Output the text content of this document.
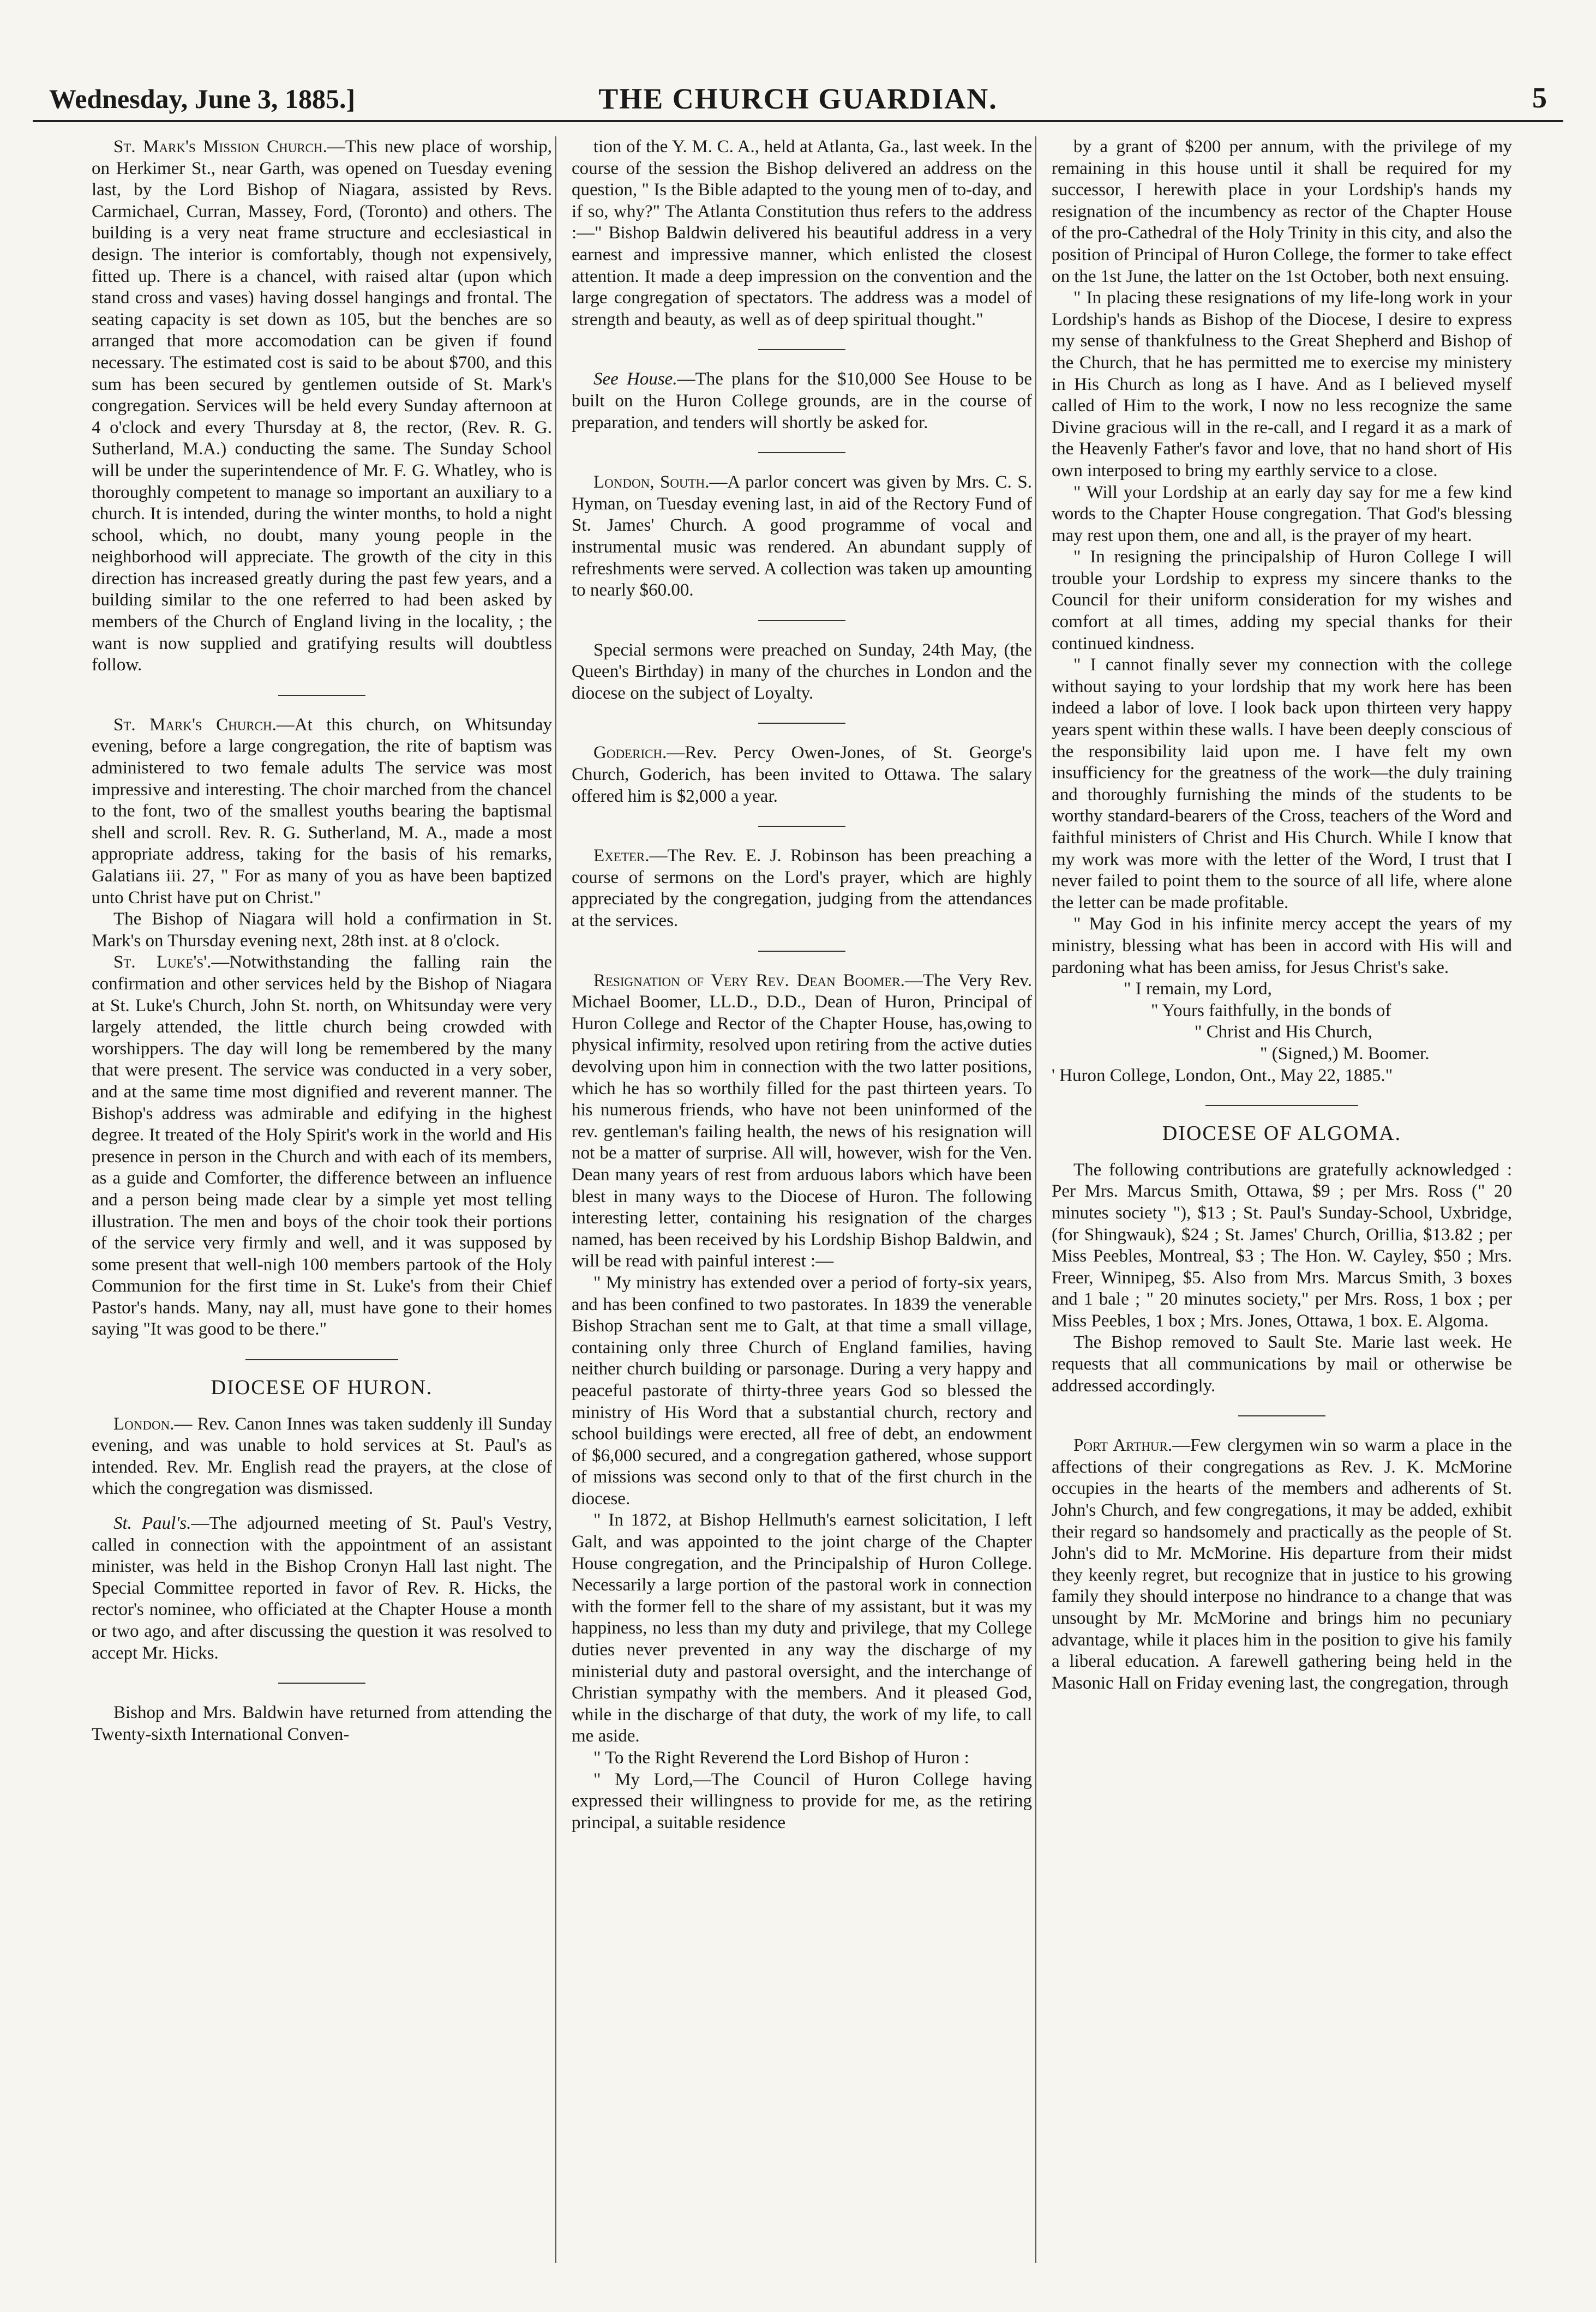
Wednesday, June 3, 1885.]	THE CHURCH GUARDIAN.	5

St. Mark's Mission Church.—This new place of worship, on Herkimer St., near Garth, was opened on Tuesday evening last, by the Lord Bishop of Niagara, assisted by Revs. Carmichael, Curran, Massey, Ford, (Toronto) and others. The building is a very neat frame structure and ecclesiastical in design. The interior is comfortably, though not expensively, fitted up. There is a chancel, with raised altar (upon which stand cross and vases) having dossel hangings and frontal. The seating capacity is set down as 105, but the benches are so arranged that more accomodation can be given if found necessary. The estimated cost is said to be about $700, and this sum has been secured by gentlemen outside of St. Mark's congregation. Services will be held every Sunday afternoon at 4 o'clock and every Thursday at 8, the rector, (Rev. R. G. Sutherland, M.A.) conducting the same. The Sunday School will be under the superintendence of Mr. F. G. Whatley, who is thoroughly competent to manage so important an auxiliary to a church. It is intended, during the winter months, to hold a night school, which, no doubt, many young people in the neighborhood will appreciate. The growth of the city in this direction has increased greatly during the past few years, and a building similar to the one referred to had been asked by members of the Church of England living in the locality, ; the want is now supplied and gratifying results will doubtless follow.

St. Mark's Church.—At this church, on Whitsunday evening, before a large congregation, the rite of baptism was administered to two female adults The service was most impressive and interesting. The choir marched from the chancel to the font, two of the smallest youths bearing the baptismal shell and scroll. Rev. R. G. Sutherland, M. A., made a most appropriate address, taking for the basis of his remarks, Galatians iii. 27, " For as many of you as have been baptized unto Christ have put on Christ."

The Bishop of Niagara will hold a confirmation in St. Mark's on Thursday evening next, 28th inst. at 8 o'clock.

St. Luke's'.—Notwithstanding the falling rain the confirmation and other services held by the Bishop of Niagara at St. Luke's Church, John St. north, on Whitsunday were very largely attended, the little church being crowded with worshippers. The day will long be remembered by the many that were present. The service was conducted in a very sober, and at the same time most dignified and reverent manner. The Bishop's address was admirable and edifying in the highest degree. It treated of the Holy Spirit's work in the world and His presence in person in the Church and with each of its members, as a guide and Comforter, the difference between an influence and a person being made clear by a simple yet most telling illustration. The men and boys of the choir took their portions of the service very firmly and well, and it was supposed by some present that well-nigh 100 members partook of the Holy Communion for the first time in St. Luke's from their Chief Pastor's hands. Many, nay all, must have gone to their homes saying "It was good to be there."

DIOCESE OF HURON.

London.— Rev. Canon Innes was taken suddenly ill Sunday evening, and was unable to hold services at St. Paul's as intended. Rev. Mr. English read the prayers, at the close of which the congregation was dismissed.

St. Paul's.—The adjourned meeting of St. Paul's Vestry, called in connection with the appointment of an assistant minister, was held in the Bishop Cronyn Hall last night. The Special Committee reported in favor of Rev. R. Hicks, the rector's nominee, who officiated at the Chapter House a month or two ago, and after discussing the question it was resolved to accept Mr. Hicks.

Bishop and Mrs. Baldwin have returned from attending the Twenty-sixth International Conven-

tion of the Y. M. C. A., held at Atlanta, Ga., last week. In the course of the session the Bishop delivered an address on the question, " Is the Bible adapted to the young men of to-day, and if so, why?" The Atlanta Constitution thus refers to the address :—" Bishop Baldwin delivered his beautiful address in a very earnest and impressive manner, which enlisted the closest attention. It made a deep impression on the convention and the large congregation of spectators. The address was a model of strength and beauty, as well as of deep spiritual thought."

See House.—The plans for the $10,000 See House to be built on the Huron College grounds, are in the course of preparation, and tenders will shortly be asked for.

London, South.—A parlor concert was given by Mrs. C. S. Hyman, on Tuesday evening last, in aid of the Rectory Fund of St. James' Church. A good programme of vocal and instrumental music was rendered. An abundant supply of refreshments were served. A collection was taken up amounting to nearly $60.00.

Special sermons were preached on Sunday, 24th May, (the Queen's Birthday) in many of the churches in London and the diocese on the subject of Loyalty.

Goderich.—Rev. Percy Owen-Jones, of St. George's Church, Goderich, has been invited to Ottawa. The salary offered him is $2,000 a year.

Exeter.—The Rev. E. J. Robinson has been preaching a course of sermons on the Lord's prayer, which are highly appreciated by the congregation, judging from the attendances at the services.

Resignation of Very Rev. Dean Boomer.—The Very Rev. Michael Boomer, LL.D., D.D., Dean of Huron, Principal of Huron College and Rector of the Chapter House, has,owing to physical infirmity, resolved upon retiring from the active duties devolving upon him in connection with the two latter positions, which he has so worthily filled for the past thirteen years. To his numerous friends, who have not been uninformed of the rev. gentleman's failing health, the news of his resignation will not be a matter of surprise. All will, however, wish for the Ven. Dean many years of rest from arduous labors which have been blest in many ways to the Diocese of Huron. The following interesting letter, containing his resignation of the charges named, has been received by his Lordship Bishop Baldwin, and will be read with painful interest :—

" My ministry has extended over a period of forty-six years, and has been confined to two pastorates. In 1839 the venerable Bishop Strachan sent me to Galt, at that time a small village, containing only three Church of England families, having neither church building or parsonage. During a very happy and peaceful pastorate of thirty-three years God so blessed the ministry of His Word that a substantial church, rectory and school buildings were erected, all free of debt, an endowment of $6,000 secured, and a congregation gathered, whose support of missions was second only to that of the first church in the diocese.

" In 1872, at Bishop Hellmuth's earnest solicitation, I left Galt, and was appointed to the joint charge of the Chapter House congregation, and the Principalship of Huron College. Necessarily a large portion of the pastoral work in connection with the former fell to the share of my assistant, but it was my happiness, no less than my duty and privilege, that my College duties never prevented in any way the discharge of my ministerial duty and pastoral oversight, and the interchange of Christian sympathy with the members. And it pleased God, while in the discharge of that duty, the work of my life, to call me aside.

" To the Right Reverend the Lord Bishop of Huron :

" My Lord,—The Council of Huron College having expressed their willingness to provide for me, as the retiring principal, a suitable residence

by a grant of $200 per annum, with the privilege of my remaining in this house until it shall be required for my successor, I herewith place in your Lordship's hands my resignation of the incumbency as rector of the Chapter House of the pro-Cathedral of the Holy Trinity in this city, and also the position of Principal of Huron College, the former to take effect on the 1st June, the latter on the 1st October, both next ensuing.

" In placing these resignations of my life-long work in your Lordship's hands as Bishop of the Diocese, I desire to express my sense of thankfulness to the Great Shepherd and Bishop of the Church, that he has permitted me to exercise my ministery in His Church as long as I have. And as I believed myself called of Him to the work, I now no less recognize the same Divine gracious will in the re-call, and I regard it as a mark of the Heavenly Father's favor and love, that no hand short of His own interposed to bring my earthly service to a close.

" Will your Lordship at an early day say for me a few kind words to the Chapter House congregation. That God's blessing may rest upon them, one and all, is the prayer of my heart.

" In resigning the principalship of Huron College I will trouble your Lordship to express my sincere thanks to the Council for their uniform consideration for my wishes and comfort at all times, adding my special thanks for their continued kindness.

" I cannot finally sever my connection with the college without saying to your lordship that my work here has been indeed a labor of love. I look back upon thirteen very happy years spent within these walls. I have been deeply conscious of the responsibility laid upon me. I have felt my own insufficiency for the greatness of the work—the duly training and thoroughly furnishing the minds of the students to be worthy standard-bearers of the Cross, teachers of the Word and faithful ministers of Christ and His Church. While I know that my work was more with the letter of the Word, I trust that I never failed to point them to the source of all life, where alone the letter can be made profitable.

" May God in his infinite mercy accept the years of my ministry, blessing what has been in accord with His will and pardoning what has been amiss, for Jesus Christ's sake.

" I remain, my Lord,

" Yours faithfully, in the bonds of

" Christ and His Church,

" (Signed,) M. Boomer.

' Huron College, London, Ont., May 22, 1885."

DIOCESE OF ALGOMA.

The following contributions are gratefully acknowledged : Per Mrs. Marcus Smith, Ottawa, $9 ; per Mrs. Ross (" 20 minutes society "), $13 ; St. Paul's Sunday-School, Uxbridge, (for Shingwauk), $24 ; St. James' Church, Orillia, $13.82 ; per Miss Peebles, Montreal, $3 ; The Hon. W. Cayley, $50 ; Mrs. Freer, Winnipeg, $5. Also from Mrs. Marcus Smith, 3 boxes and 1 bale ; " 20 minutes society," per Mrs. Ross, 1 box ; per Miss Peebles, 1 box ; Mrs. Jones, Ottawa, 1 box. E. Algoma.

The Bishop removed to Sault Ste. Marie last week. He requests that all communications by mail or otherwise be addressed accordingly.

Port Arthur.—Few clergymen win so warm a place in the affections of their congregations as Rev. J. K. McMorine occupies in the hearts of the members and adherents of St. John's Church, and few congregations, it may be added, exhibit their regard so handsomely and practically as the people of St. John's did to Mr. McMorine. His departure from their midst they keenly regret, but recognize that in justice to his growing family they should interpose no hindrance to a change that was unsought by Mr. McMorine and brings him no pecuniary advantage, while it places him in the position to give his family a liberal education. A farewell gathering being held in the Masonic Hall on Friday evening last, the congregation, through
